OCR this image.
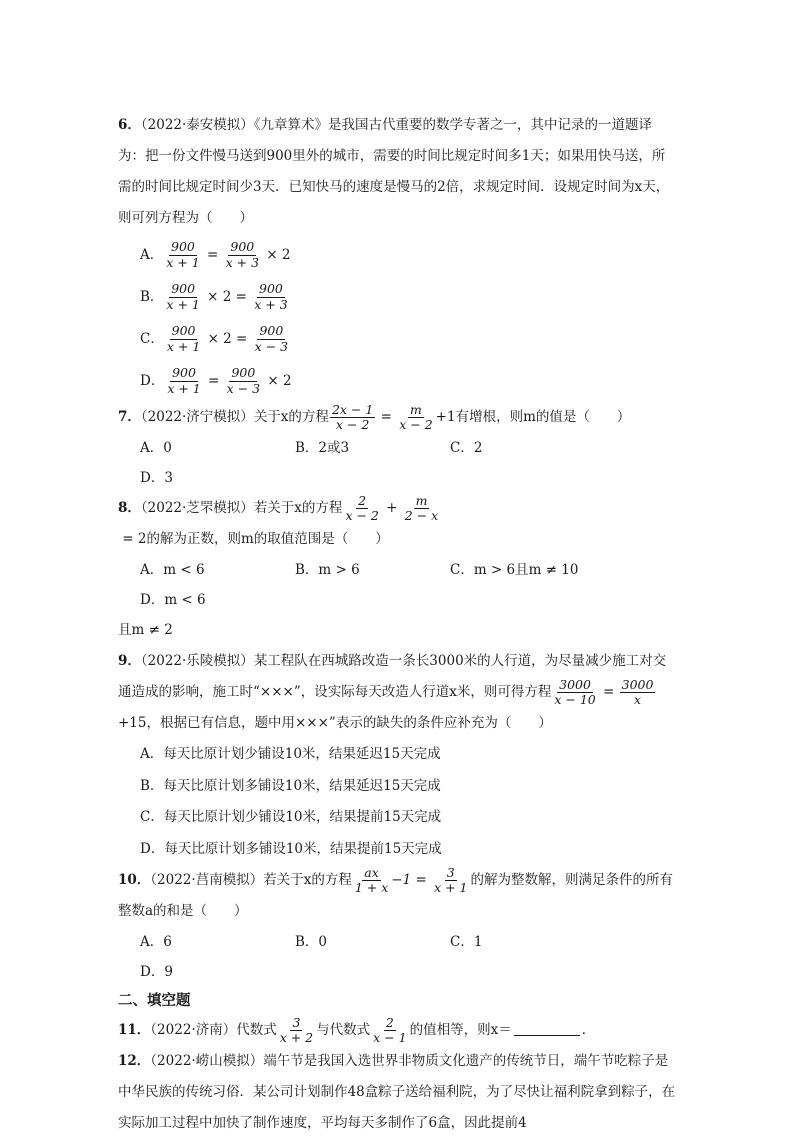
6．（2022·泰安模拟）《九章算术》是我国古代重要的数学专著之一，其中记录的一道题译为：把一份文件慢马送到900里外的城市，需要的时间比规定时间多1天；如果用快马送，所需的时间比规定时间少3天．已知快马的速度是慢马的2倍，求规定时间．设规定时间为x天，则可列方程为（　　）

A． $\frac{900}{x + 1} = \frac{900}{x + 3} \times 2$
B． $\frac{900}{x + 1} \times 2 = \frac{900}{x + 3}$
C． $\frac{900}{x + 1} \times 2 = \frac{900}{x - 3}$
D． $\frac{900}{x + 1} = \frac{900}{x - 3} \times 2$

7．（2022·济宁模拟）关于x的方程 $\frac{2x - 1}{x - 2} = \frac{m}{x - 2} +1$有增根，则m的值是（　　）

A．0	B．2或3	C．2
D．3

8．（2022·芝罘模拟）若关于x的方程 $\frac{2}{x - 2} + \frac{m}{2 - x}$
= 2的解为正数，则m的取值范围是（　　）

A．m < 6	B．m > 6	C．m > 6且m ≠ 10
D．m < 6

且m ≠ 2

9．（2022·乐陵模拟）某工程队在西城路改造一条长3000米的人行道，为尽量减少施工对交通造成的影响，施工时“×××”，设实际每天改造人行道x米，则可得方程 $\frac{3000}{x - 10} = \frac{3000}{x}$
+15，根据已有信息，题中用×××”表示的缺失的条件应补充为（　　）

A．每天比原计划少铺设10米，结果延迟15天完成
B．每天比原计划多铺设10米，结果延迟15天完成
C．每天比原计划少铺设10米，结果提前15天完成
D．每天比原计划多铺设10米，结果提前15天完成

10．（2022·莒南模拟）若关于x的方程 $\frac{ax}{1 + x} -1 = \frac{3}{x + 1}$ 的解为整数解，则满足条件的所有整数a的和是（　　）

A．6	B．0	C．1
D．9

二、填空题

11．（2022·济南）代数式 $\frac{3}{x + 2}$ 与代数式 $\frac{2}{x - 1}$ 的值相等，则x＝	．

12．（2022·崂山模拟）端午节是我国入选世界非物质文化遗产的传统节日，端午节吃粽子是中华民族的传统习俗．某公司计划制作48盒粽子送给福利院，为了尽快让福利院拿到粽子，在实际加工过程中加快了制作速度，平均每天多制作了6盒，因此提前4
